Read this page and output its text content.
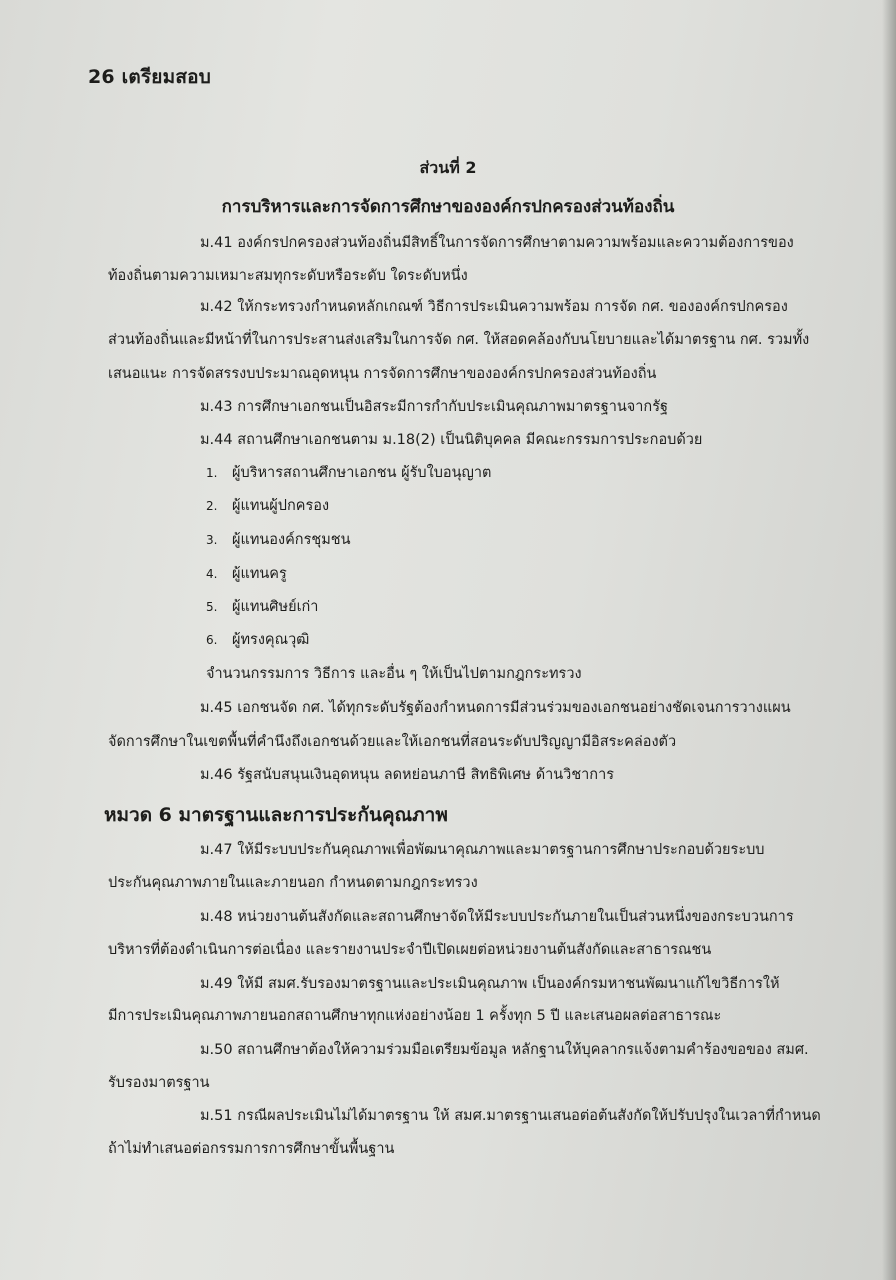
26 เตรียมสอบ
ส่วนที่ 2
การบริหารและการจัดการศึกษาขององค์กรปกครองส่วนท้องถิ่น
ม.41 องค์กรปกครองส่วนท้องถิ่นมีสิทธิ์ในการจัดการศึกษาตามความพร้อมและความต้องการของ
ท้องถิ่นตามความเหมาะสมทุกระดับหรือระดับ ใดระดับหนึ่ง
ม.42 ให้กระทรวงกำหนดหลักเกณฑ์ วิธีการประเมินความพร้อม การจัด กศ. ขององค์กรปกครอง
ส่วนท้องถิ่นและมีหน้าที่ในการประสานส่งเสริมในการจัด กศ. ให้สอดคล้องกับนโยบายและได้มาตรฐาน กศ. รวมทั้ง
เสนอแนะ การจัดสรรงบประมาณอุดหนุน การจัดการศึกษาขององค์กรปกครองส่วนท้องถิ่น
ม.43 การศึกษาเอกชนเป็นอิสระมีการกำกับประเมินคุณภาพมาตรฐานจากรัฐ
ม.44 สถานศึกษาเอกชนตาม ม.18(2) เป็นนิติบุคคล มีคณะกรรมการประกอบด้วย
1. ผู้บริหารสถานศึกษาเอกชน ผู้รับใบอนุญาต
2. ผู้แทนผู้ปกครอง
3. ผู้แทนองค์กรชุมชน
4. ผู้แทนครู
5. ผู้แทนศิษย์เก่า
6. ผู้ทรงคุณวุฒิ
จำนวนกรรมการ วิธีการ และอื่น ๆ ให้เป็นไปตามกฎกระทรวง
ม.45 เอกชนจัด กศ. ได้ทุกระดับรัฐต้องกำหนดการมีส่วนร่วมของเอกชนอย่างชัดเจนการวางแผน
จัดการศึกษาในเขตพื้นที่คำนึงถึงเอกชนด้วยและให้เอกชนที่สอนระดับปริญญามีอิสระคล่องตัว
ม.46 รัฐสนับสนุนเงินอุดหนุน ลดหย่อนภาษี สิทธิพิเศษ ด้านวิชาการ
หมวด 6 มาตรฐานและการประกันคุณภาพ
ม.47 ให้มีระบบประกันคุณภาพเพื่อพัฒนาคุณภาพและมาตรฐานการศึกษาประกอบด้วยระบบ
ประกันคุณภาพภายในและภายนอก กำหนดตามกฎกระทรวง
ม.48 หน่วยงานต้นสังกัดและสถานศึกษาจัดให้มีระบบประกันภายในเป็นส่วนหนึ่งของกระบวนการ
บริหารที่ต้องดำเนินการต่อเนื่อง และรายงานประจำปีเปิดเผยต่อหน่วยงานต้นสังกัดและสาธารณชน
ม.49 ให้มี สมศ.รับรองมาตรฐานและประเมินคุณภาพ เป็นองค์กรมหาชนพัฒนาแก้ไขวิธีการให้
มีการประเมินคุณภาพภายนอกสถานศึกษาทุกแห่งอย่างน้อย 1 ครั้งทุก 5 ปี และเสนอผลต่อสาธารณะ
ม.50 สถานศึกษาต้องให้ความร่วมมือเตรียมข้อมูล หลักฐานให้บุคลากรแจ้งตามคำร้องขอของ สมศ.
รับรองมาตรฐาน
ม.51 กรณีผลประเมินไม่ได้มาตรฐาน ให้ สมศ.มาตรฐานเสนอต่อต้นสังกัดให้ปรับปรุงในเวลาที่กำหนด
ถ้าไม่ทำเสนอต่อกรรมการการศึกษาขั้นพื้นฐาน
